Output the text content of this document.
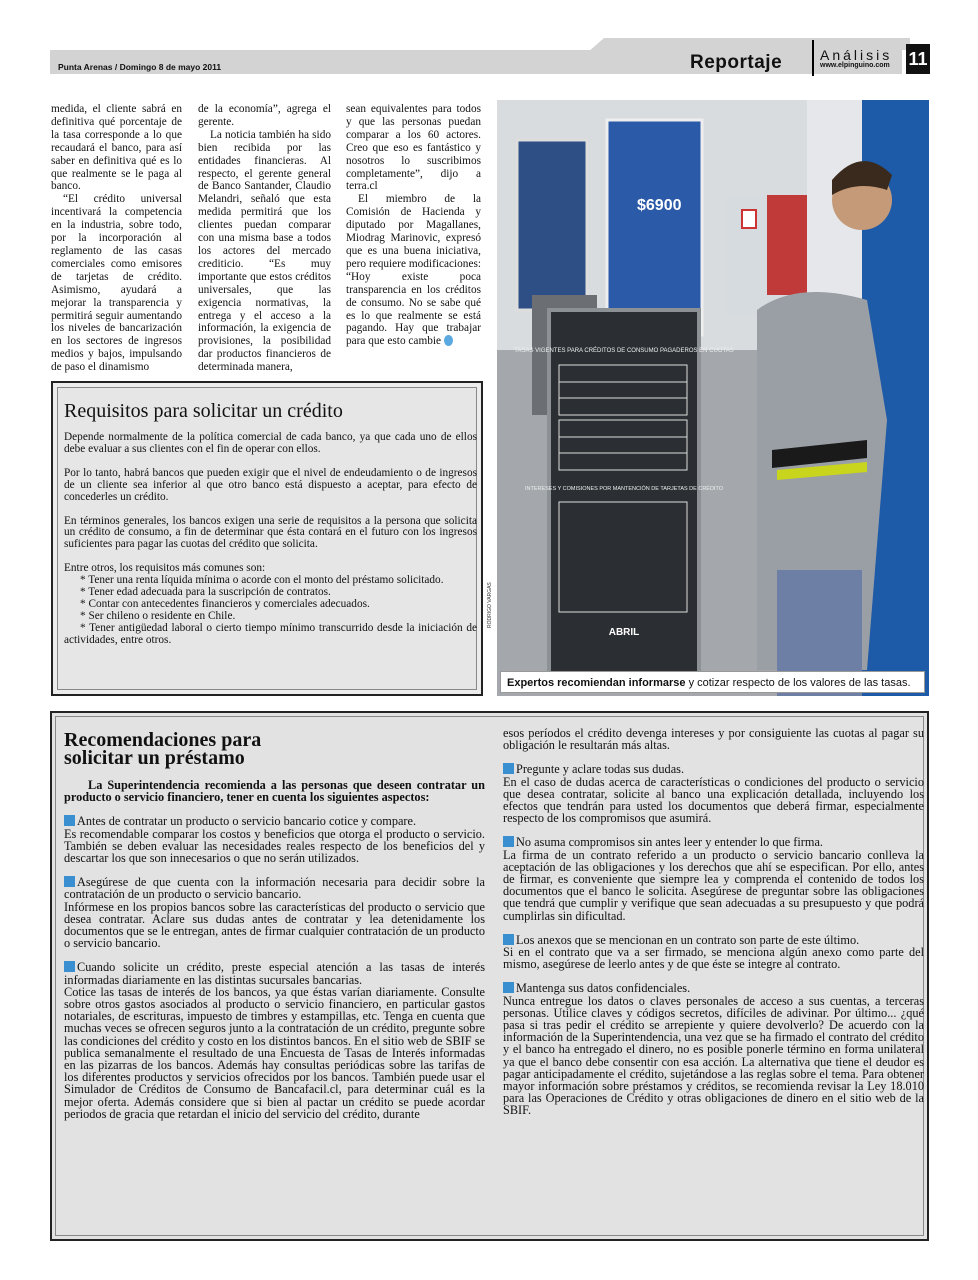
Punta Arenas / Domingo 8 de mayo 2011	Reportaje	Análisis
www.elpinguino.com	11

medida, el cliente sabrá en definitiva qué porcentaje de la tasa corresponde a lo que recaudará el banco, para así saber en definitiva qué es lo que realmente se le paga al banco.

“El crédito universal incentivará la competencia en la industria, sobre todo, por la incorporación al reglamento de las casas comerciales como emisores de tarjetas de crédito. Asimismo, ayudará a mejorar la transparencia y permitirá seguir aumentando los niveles de bancarización en los sectores de ingresos medios y bajos, impulsando de paso el dinamismo

de la economía”, agrega el gerente.

La noticia también ha sido bien recibida por las entidades financieras. Al respecto, el gerente general de Banco Santander, Claudio Melandri, señaló que esta medida permitirá que los clientes puedan comparar con una misma base a todos los actores del mercado crediticio. “Es muy importante que estos créditos universales, que las exigencia normativas, la entrega y el acceso a la información, la exigencia de provisiones, la posibilidad dar productos financieros de determinada manera,

sean equivalentes para todos y que las personas puedan comparar a los 60 actores. Creo que eso es fantástico y nosotros lo suscribimos completamente”, dijo a terra.cl

El miembro de la Comisión de Hacienda y diputado por Magallanes, Miodrag Marinovic, expresó que es una buena iniciativa, pero requiere modificaciones: “Hoy existe poca transparencia en los créditos de consumo. No se sabe qué es lo que realmente se está pagando. Hay que trabajar para que esto cambie

$6900
TASAS VIGENTES PARA CRÉDITOS DE CONSUMO PAGADEROS EN CUOTAS
INTERESES Y COMISIONES POR MANTENCIÓN DE TARJETAS DE CRÉDITO
ABRIL
RODRIGO VARGAS
Expertos recomiendan informarse y cotizar respecto de los valores de las tasas.
Requisitos para solicitar un crédito

Depende normalmente de la política comercial de cada banco, ya que cada uno de ellos debe evaluar a sus clientes con el fin de operar con ellos.

Por lo tanto, habrá bancos que pueden exigir que el nivel de endeudamiento o de ingresos de un cliente sea inferior al que otro banco está dispuesto a aceptar, para efecto de concederles un crédito.

En términos generales, los bancos exigen una serie de requisitos a la persona que solicita un crédito de consumo, a fin de determinar que ésta contará en el futuro con los ingresos suficientes para pagar las cuotas del crédito que solicita.

Entre otros, los requisitos más comunes son:

* Tener una renta líquida mínima o acorde con el monto del préstamo solicitado.

* Tener edad adecuada para la suscripción de contratos.

* Contar con antecedentes financieros y comerciales adecuados.

* Ser chileno o residente en Chile.

* Tener antigüedad laboral o cierto tiempo mínimo transcurrido desde la iniciación de actividades, entre otros.

Recomendaciones para
solicitar un préstamo

La Superintendencia recomienda a las personas que deseen contratar un producto o servicio financiero, tener en cuenta los siguientes aspectos:

Antes de contratar un producto o servicio bancario cotice y compare.

Es recomendable comparar los costos y beneficios que otorga el producto o servicio. También se deben evaluar las necesidades reales respecto de los beneficios del y descartar los que son innecesarios o que no serán utilizados.

Asegúrese de que cuenta con la información necesaria para decidir sobre la contratación de un producto o servicio bancario.

Infórmese en los propios bancos sobre las características del producto o servicio que desea contratar. Aclare sus dudas antes de contratar y lea detenidamente los documentos que se le entregan, antes de firmar cualquier contratación de un producto o servicio bancario.

Cuando solicite un crédito, preste especial atención a las tasas de interés informadas diariamente en las distintas sucursales bancarias.

Cotice las tasas de interés de los bancos, ya que éstas varían diariamente. Consulte sobre otros gastos asociados al producto o servicio financiero, en particular gastos notariales, de escrituras, impuesto de timbres y estampillas, etc. Tenga en cuenta que muchas veces se ofrecen seguros junto a la contratación de un crédito, pregunte sobre las condiciones del crédito y costo en los distintos bancos. En el sitio web de SBIF se publica semanalmente el resultado de una Encuesta de Tasas de Interés informadas en las pizarras de los bancos. Además hay consultas periódicas sobre las tarifas de los diferentes productos y servicios ofrecidos por los bancos. También puede usar el Simulador de Créditos de Consumo de Bancafacil.cl, para determinar cuál es la mejor oferta. Además considere que si bien al pactar un crédito se puede acordar periodos de gracia que retardan el inicio del servicio del crédito, durante

esos períodos el crédito devenga intereses y por consiguiente las cuotas al pagar su obligación le resultarán más altas.

Pregunte y aclare todas sus dudas.

En el caso de dudas acerca de características o condiciones del producto o servicio que desea contratar, solicite al banco una explicación detallada, incluyendo los efectos que tendrán para usted los documentos que deberá firmar, especialmente respecto de los compromisos que asumirá.

No asuma compromisos sin antes leer y entender lo que firma.

La firma de un contrato referido a un producto o servicio bancario conlleva la aceptación de las obligaciones y los derechos que ahí se especifican. Por ello, antes de firmar, es conveniente que siempre lea y comprenda el contenido de todos los documentos que el banco le solicita. Asegúrese de preguntar sobre las obligaciones que tendrá que cumplir y verifique que sean adecuadas a su presupuesto y que podrá cumplirlas sin dificultad.

Los anexos que se mencionan en un contrato son parte de este último.

Si en el contrato que va a ser firmado, se menciona algún anexo como parte del mismo, asegúrese de leerlo antes y de que éste se integre al contrato.

Mantenga sus datos confidenciales.

Nunca entregue los datos o claves personales de acceso a sus cuentas, a terceras personas. Utilice claves y códigos secretos, difíciles de adivinar. Por último... ¿qué pasa si tras pedir el crédito se arrepiente y quiere devolverlo? De acuerdo con la información de la Superintendencia, una vez que se ha firmado el contrato del crédito y el banco ha entregado el dinero, no es posible ponerle término en forma unilateral ya que el banco debe consentir con esa acción. La alternativa que tiene el deudor es pagar anticipadamente el crédito, sujetándose a las reglas sobre el tema. Para obtener mayor información sobre préstamos y créditos, se recomienda revisar la Ley 18.010 para las Operaciones de Crédito y otras obligaciones de dinero en el sitio web de la SBIF.
